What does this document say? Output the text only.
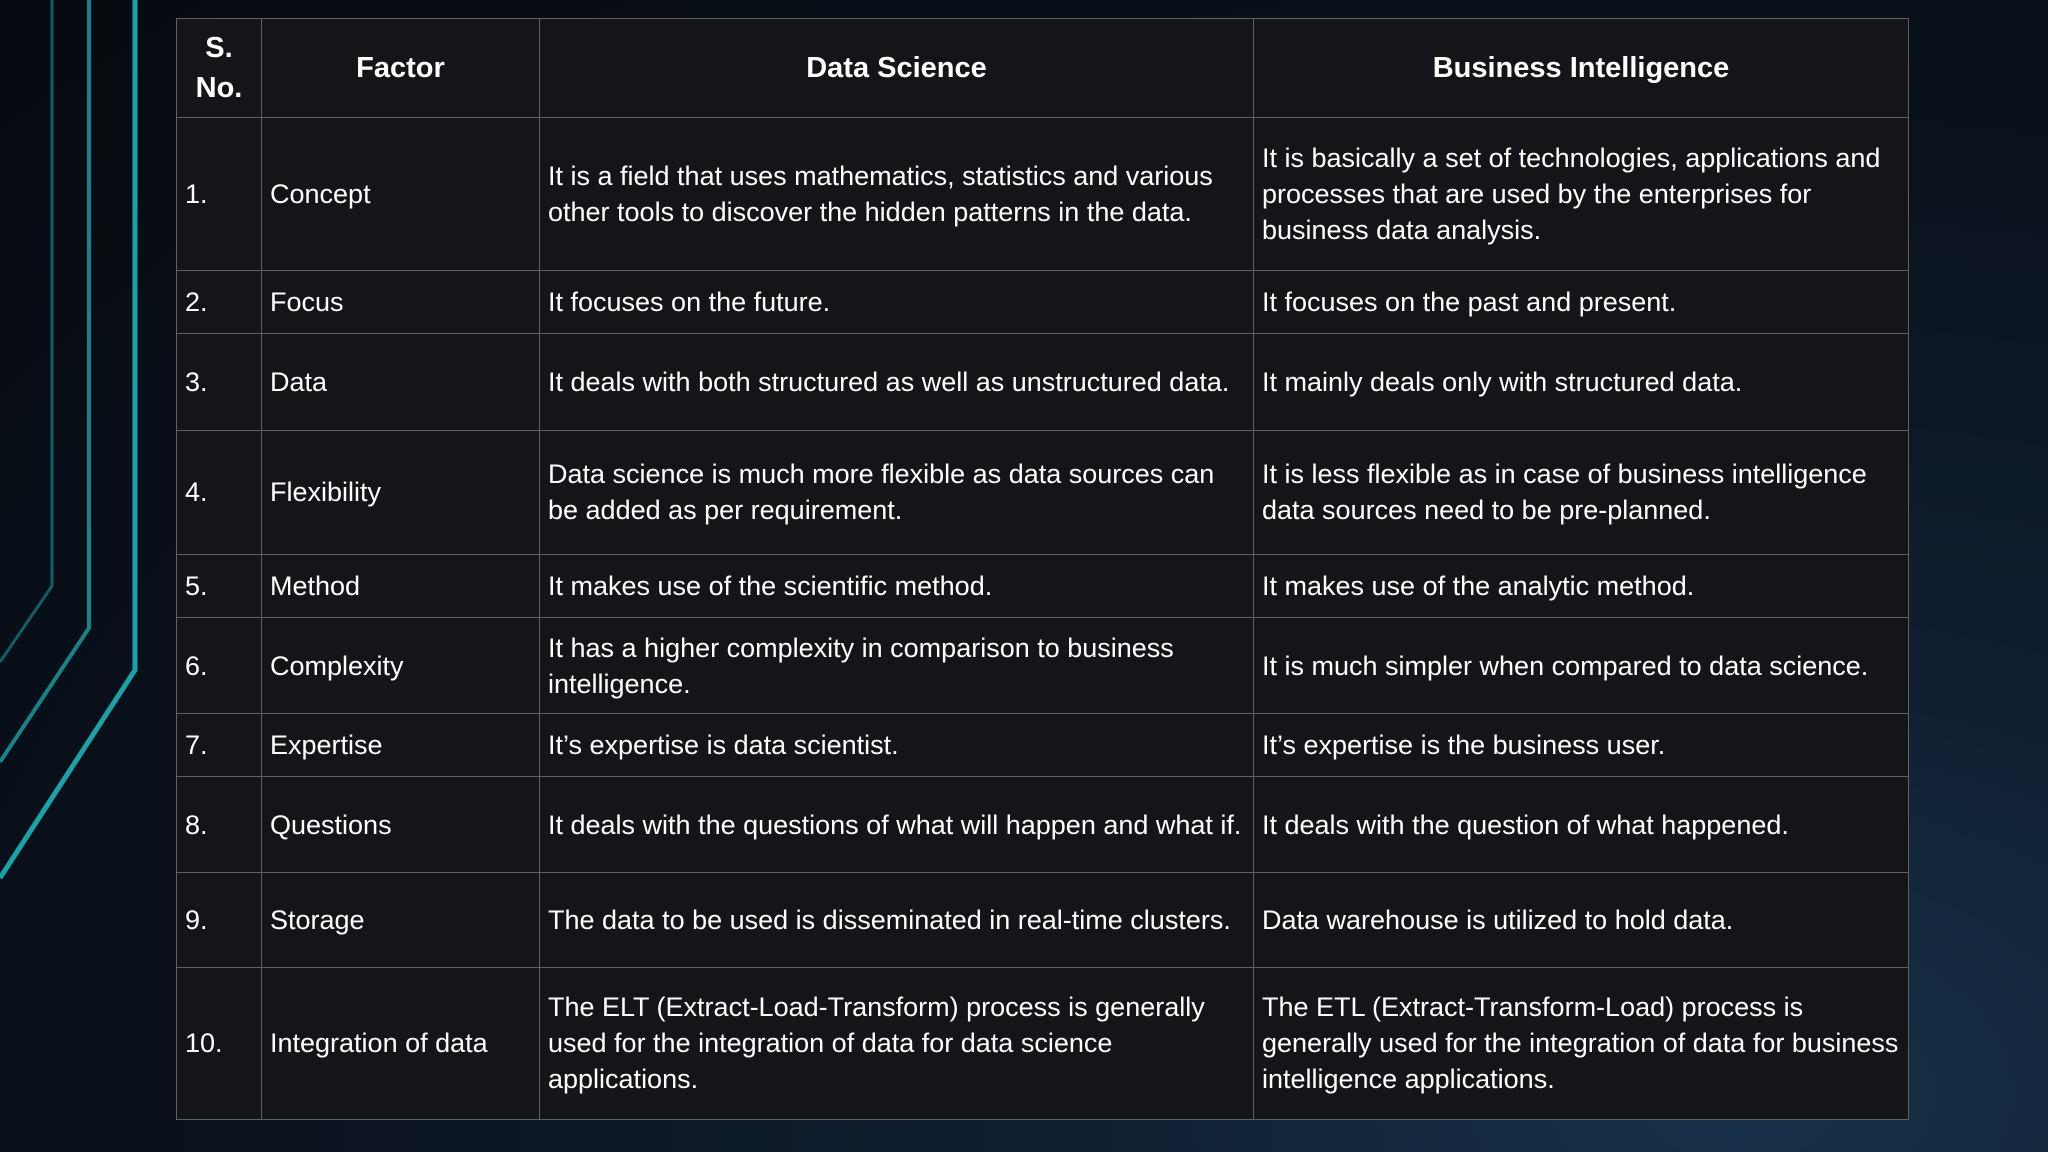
S. No.	Factor	Data Science	Business Intelligence
1.	Concept	It is a field that uses mathematics, statistics and various other tools to discover the hidden patterns in the data.	It is basically a set of technologies, applications and processes that are used by the enterprises for business data analysis.
2.	Focus	It focuses on the future.	It focuses on the past and present.
3.	Data	It deals with both structured as well as unstructured data.	It mainly deals only with structured data.
4.	Flexibility	Data science is much more flexible as data sources can be added as per requirement.	It is less flexible as in case of business intelligence data sources need to be pre-planned.
5.	Method	It makes use of the scientific method.	It makes use of the analytic method.
6.	Complexity	It has a higher complexity in comparison to business intelligence.	It is much simpler when compared to data science.
7.	Expertise	It’s expertise is data scientist.	It’s expertise is the business user.
8.	Questions	It deals with the questions of what will happen and what if.	It deals with the question of what happened.
9.	Storage	The data to be used is disseminated in real-time clusters.	Data warehouse is utilized to hold data.
10.	Integration of data	The ELT (Extract-Load-Transform) process is generally used for the integration of data for data science applications.	The ETL (Extract-Transform-Load) process is generally used for the integration of data for business intelligence applications.
